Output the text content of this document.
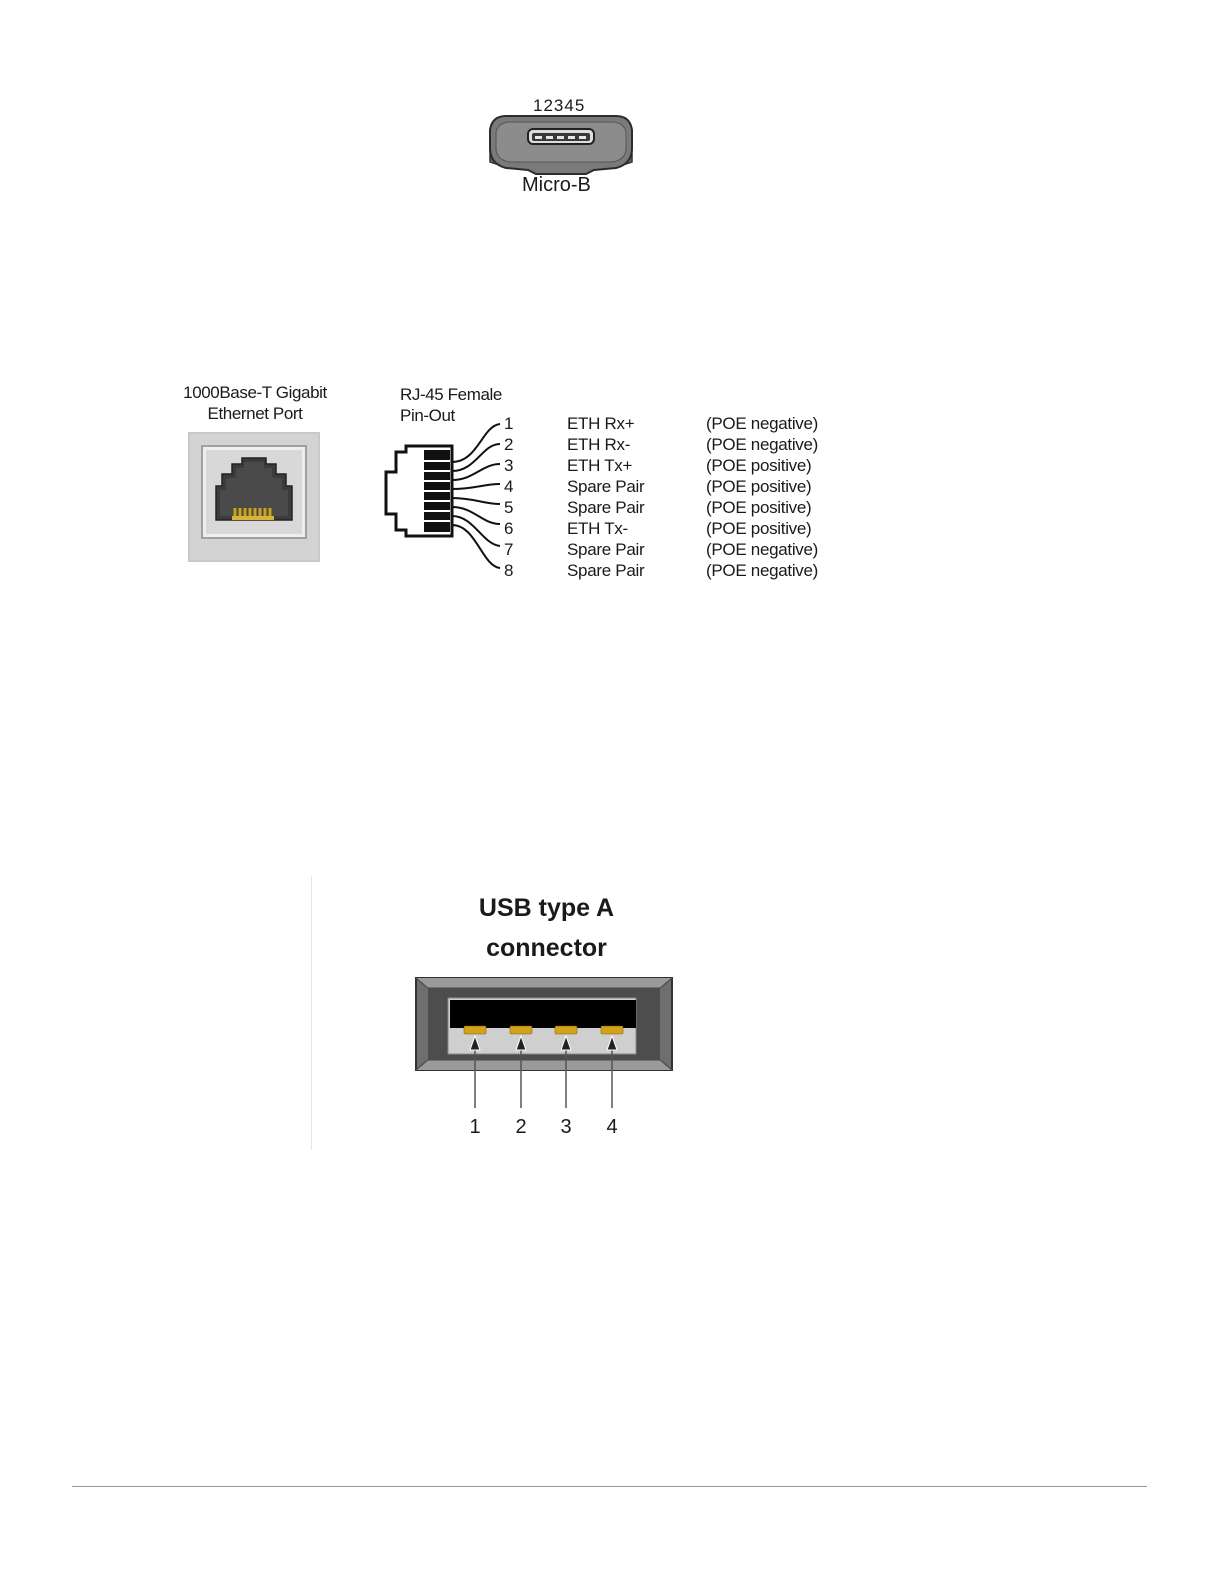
12345
Micro-B
1000Base-T Gigabit
Ethernet Port
RJ-45 Female
Pin-Out	1	ETH Rx+	(POE negative)
2	ETH Rx-	(POE negative)
3	ETH Tx+	(POE positive)
4	Spare Pair	(POE positive)
5	Spare Pair	(POE positive)
6	ETH Tx-	(POE positive)
7	Spare Pair	(POE negative)
8	Spare Pair	(POE negative)
USB type A
connector
1 2 3 4
